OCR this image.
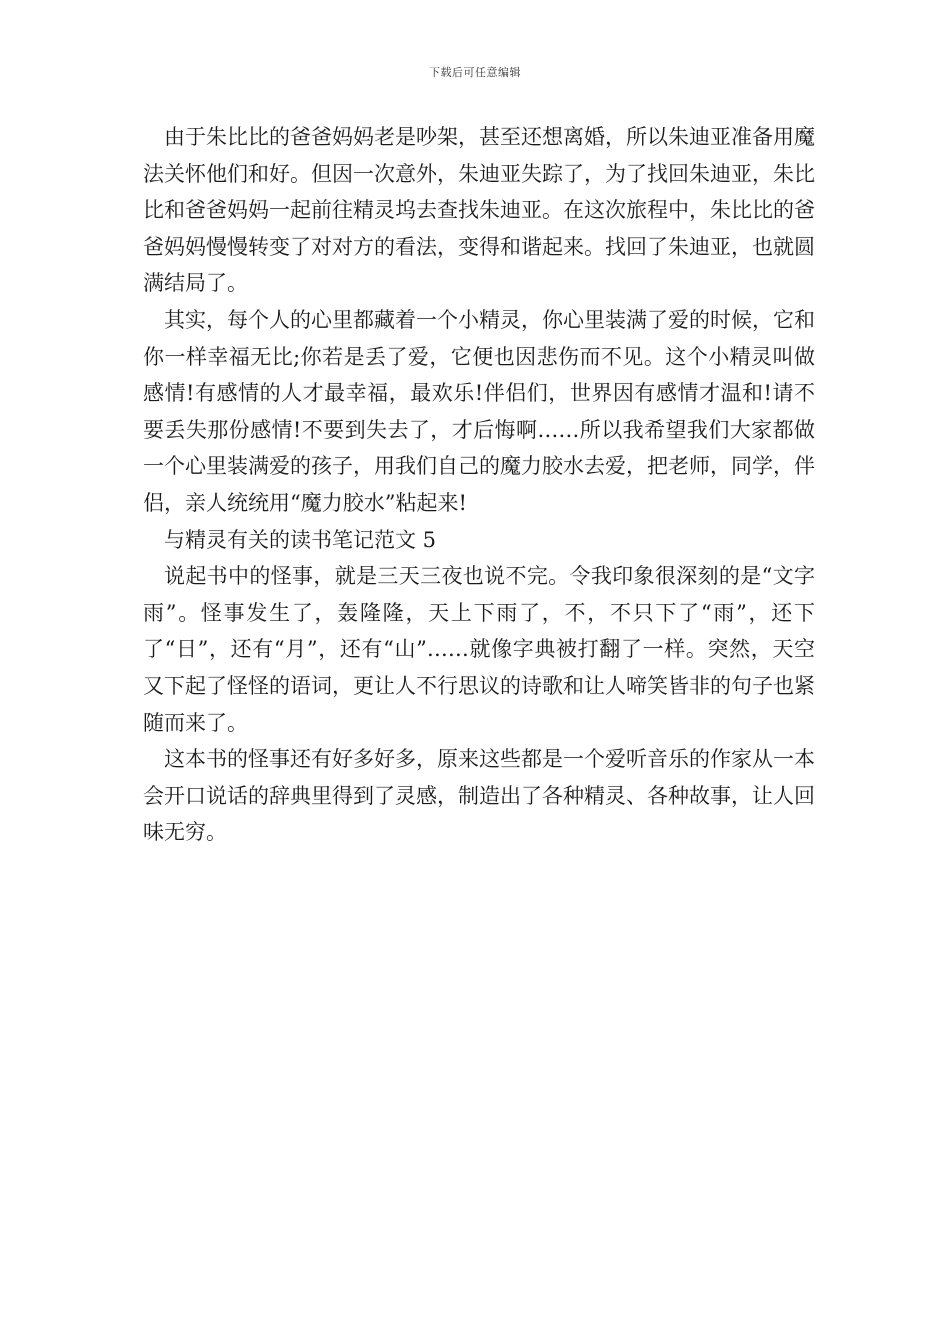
下载后可任意编辑

由于朱比比的爸爸妈妈老是吵架，甚至还想离婚，所以朱迪亚准备用魔法关怀他们和好。但因一次意外，朱迪亚失踪了，为了找回朱迪亚，朱比比和爸爸妈妈一起前往精灵坞去查找朱迪亚。在这次旅程中，朱比比的爸爸妈妈慢慢转变了对对方的看法，变得和谐起来。找回了朱迪亚，也就圆满结局了。

其实，每个人的心里都藏着一个小精灵，你心里装满了爱的时候，它和你一样幸福无比;你若是丢了爱，它便也因悲伤而不见。这个小精灵叫做感情!有感情的人才最幸福，最欢乐!伴侣们，世界因有感情才温和!请不要丢失那份感情!不要到失去了，才后悔啊……所以我希望我们大家都做一个心里装满爱的孩子，用我们自己的魔力胶水去爱，把老师，同学，伴侣，亲人统统用“魔力胶水”粘起来!

与精灵有关的读书笔记范文 5

说起书中的怪事，就是三天三夜也说不完。令我印象很深刻的是“文字雨”。怪事发生了，轰隆隆，天上下雨了，不，不只下了“雨”，还下了“日”，还有“月”，还有“山”……就像字典被打翻了一样。突然，天空又下起了怪怪的语词，更让人不行思议的诗歌和让人啼笑皆非的句子也紧随而来了。

这本书的怪事还有好多好多，原来这些都是一个爱听音乐的作家从一本会开口说话的辞典里得到了灵感，制造出了各种精灵、各种故事，让人回味无穷。
